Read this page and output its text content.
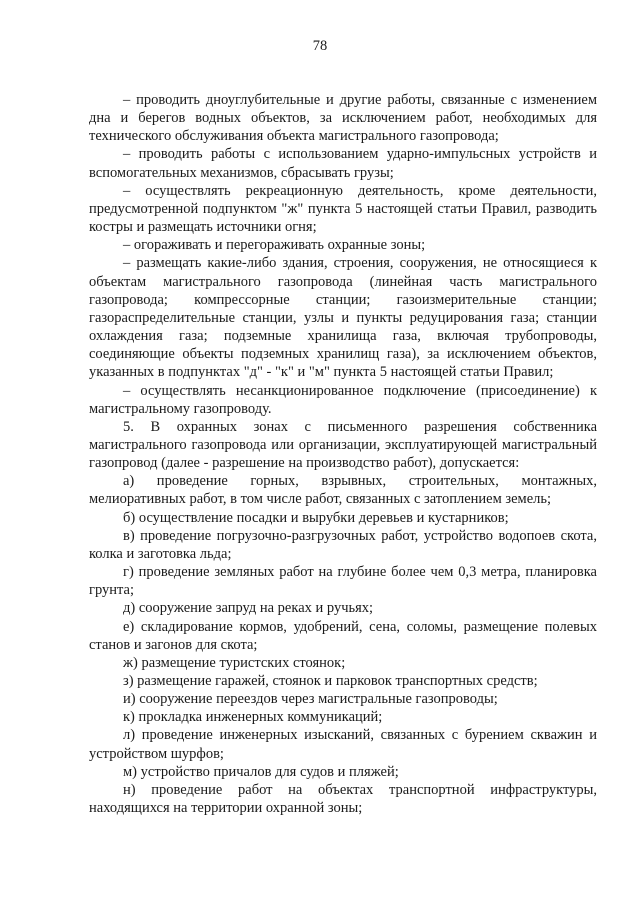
78

– проводить дноуглубительные и другие работы, связанные с изменением дна и берегов водных объектов, за исключением работ, необходимых для технического обслуживания объекта магистрального газопровода;

– проводить работы с использованием ударно-импульсных устройств и вспомогательных механизмов, сбрасывать грузы;

– осуществлять рекреационную деятельность, кроме деятельности, предусмотренной подпунктом "ж" пункта 5 настоящей статьи Правил, разводить костры и размещать источники огня;

– огораживать и перегораживать охранные зоны;

– размещать какие-либо здания, строения, сооружения, не относящиеся к объектам магистрального газопровода (линейная часть магистрального газопровода; компрессорные станции; газоизмерительные станции; газораспределительные станции, узлы и пункты редуцирования газа; станции охлаждения газа; подземные хранилища газа, включая трубопроводы, соединяющие объекты подземных хранилищ газа), за исключением объектов, указанных в подпунктах "д" - "к" и "м" пункта 5 настоящей статьи Правил;

– осуществлять несанкционированное подключение (присоединение) к магистральному газопроводу.

5. В охранных зонах с письменного разрешения собственника магистрального газопровода или организации, эксплуатирующей магистральный газопровод (далее - разрешение на производство работ), допускается:

а) проведение горных, взрывных, строительных, монтажных, мелиоративных работ, в том числе работ, связанных с затоплением земель;

б) осуществление посадки и вырубки деревьев и кустарников;

в) проведение погрузочно-разгрузочных работ, устройство водопоев скота, колка и заготовка льда;

г) проведение земляных работ на глубине более чем 0,3 метра, планировка грунта;

д) сооружение запруд на реках и ручьях;

е) складирование кормов, удобрений, сена, соломы, размещение полевых станов и загонов для скота;

ж) размещение туристских стоянок;

з) размещение гаражей, стоянок и парковок транспортных средств;

и) сооружение переездов через магистральные газопроводы;

к) прокладка инженерных коммуникаций;

л) проведение инженерных изысканий, связанных с бурением скважин и устройством шурфов;

м) устройство причалов для судов и пляжей;

н) проведение работ на объектах транспортной инфраструктуры, находящихся на территории охранной зоны;
